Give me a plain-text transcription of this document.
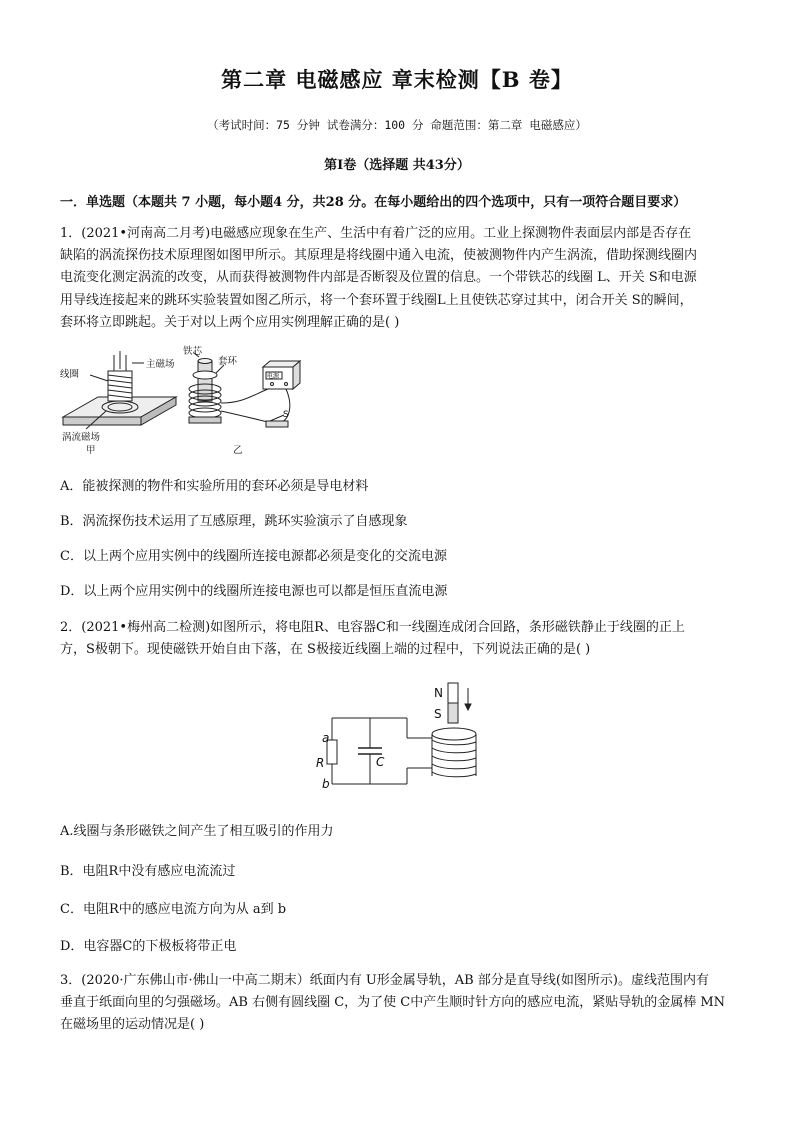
第二章 电磁感应 章末检测【B 卷】
（考试时间：75 分钟 试卷满分：100 分 命题范围：第二章 电磁感应）
第Ⅰ卷（选择题 共43分）
一．单选题（本题共 7 小题，每小题4 分，共28 分。在每小题给出的四个选项中，只有一项符合题目要求）
1．(2021•河南高二月考)电磁感应现象在生产、生活中有着广泛的应用。工业上探测物件表面层内部是否存在
缺陷的涡流探伤技术原理图如图甲所示。其原理是将线圈中通入电流，使被测物件内产生涡流，借助探测线圈内
电流变化测定涡流的改变，从而获得被测物件内部是否断裂及位置的信息。一个带铁芯的线圈 L、开关 S和电源
用导线连接起来的跳环实验装置如图乙所示，将一个套环置于线圈L上且使铁芯穿过其中，闭合开关 S的瞬间，
套环将立即跳起。关于对以上两个应用实例理解正确的是( )
线圈
主磁场
涡流磁场
甲
铁芯
套环
电源
S
乙
A．能被探测的物件和实验所用的套环必须是导电材料
B．涡流探伤技术运用了互感原理，跳环实验演示了自感现象
C．以上两个应用实例中的线圈所连接电源都必须是变化的交流电源
D．以上两个应用实例中的线圈所连接电源也可以都是恒压直流电源
2．(2021•梅州高二检测)如图所示，将电阻R、电容器C和一线圈连成闭合回路，条形磁铁静止于线圈的正上
方，S极朝下。现使磁铁开始自由下落，在 S极接近线圈上端的过程中，下列说法正确的是( )
N
S
a
R
b
C
A.线圈与条形磁铁之间产生了相互吸引的作用力
B．电阻R中没有感应电流流过
C．电阻R中的感应电流方向为从 a到 b
D．电容器C的下极板将带正电
3．(2020·广东佛山市·佛山一中高二期末）纸面内有 U形金属导轨，AB 部分是直导线(如图所示)。虚线范围内有
垂直于纸面向里的匀强磁场。AB 右侧有圆线圈 C，为了使 C中产生顺时针方向的感应电流，紧贴导轨的金属棒 MN
在磁场里的运动情况是( )
